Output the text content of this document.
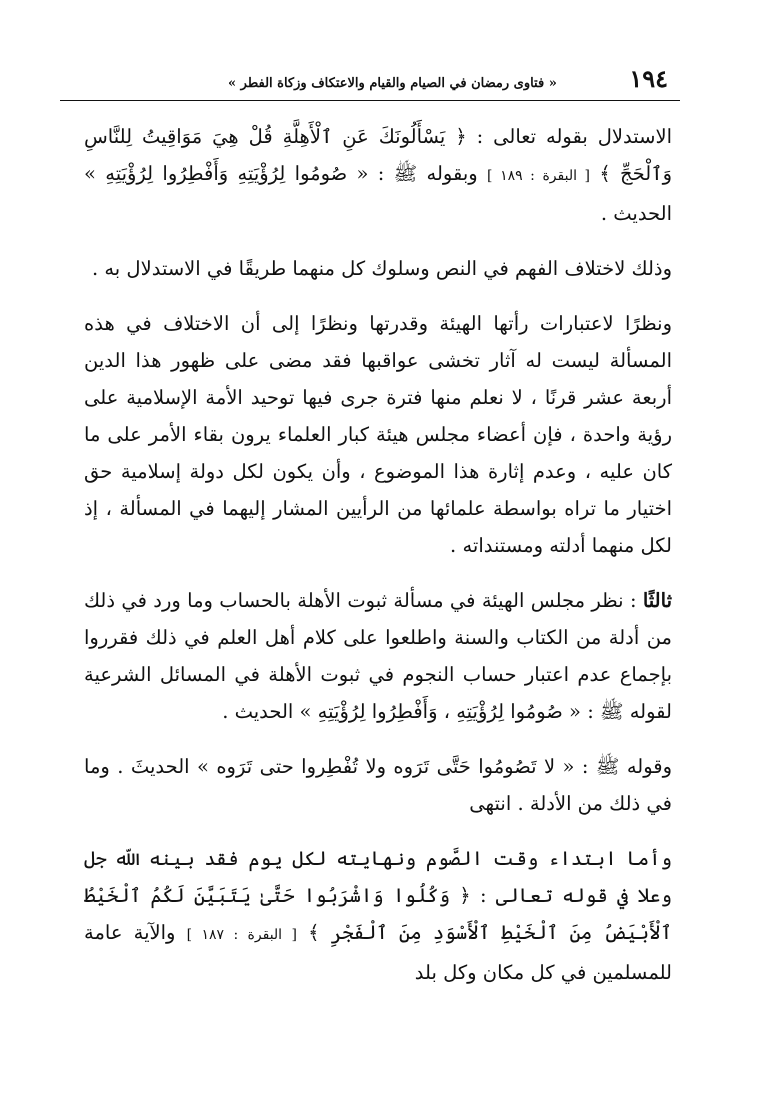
١٩٤
« فتاوى رمضان في الصيام والقيام والاعتكاف وزكاة الفطر »

الاستدلال بقوله تعالى : ﴿ يَسْأَلُونَكَ عَنِ ٱلْأَهِلَّةِ قُلْ هِيَ مَوَاقِيتُ لِلنَّاسِ وَٱلْحَجِّ ﴾ [ البقرة : ١٨٩ ] وبقوله ﷺ : « صُومُوا لِرُؤْيَتِهِ وَأَفْطِرُوا لِرُؤْيَتِهِ » الحديث .

وذلك لاختلاف الفهم في النص وسلوك كل منهما طريقًا في الاستدلال به .

ونظرًا لاعتبارات رأتها الهيئة وقدرتها ونظرًا إلى أن الاختلاف في هذه المسألة ليست له آثار تخشى عواقبها فقد مضى على ظهور هذا الدين أربعة عشر قرنًا ، لا نعلم منها فترة جرى فيها توحيد الأمة الإسلامية على رؤية واحدة ، فإن أعضاء مجلس هيئة كبار العلماء يرون بقاء الأمر على ما كان عليه ، وعدم إثارة هذا الموضوع ، وأن يكون لكل دولة إسلامية حق اختيار ما تراه بواسطة علمائها من الرأيين المشار إليهما في المسألة ، إذ لكل منهما أدلته ومستنداته .

ثالثًا : نظر مجلس الهيئة في مسألة ثبوت الأهلة بالحساب وما ورد في ذلك من أدلة من الكتاب والسنة واطلعوا على كلام أهل العلم في ذلك فقرروا بإجماع عدم اعتبار حساب النجوم في ثبوت الأهلة في المسائل الشرعية لقوله ﷺ : « صُومُوا لِرُؤْيَتِهِ ، وَأَفْطِرُوا لِرُؤْيَتِهِ » الحديث .

وقوله ﷺ : « لا تَصُومُوا حَتَّى تَرَوه ولا تُفْطِروا حتى تَرَوه » الحديثَ . وما في ذلك من الأدلة . انتهى

وأما ابتداء وقت الصَّوم ونهايته لكل يوم فقد بينه اللّه جل وعلا في قوله تعالى : ﴿ وَكُلُوا وَاشْرَبُوا حَتَّىٰ يَتَبَيَّنَ لَكُمُ ٱلْخَيْطُ ٱلْأَبْيَضُ مِنَ ٱلْخَيْطِ ٱلْأَسْوَدِ مِنَ ٱلْفَجْرِ ﴾ [ البقرة : ١٨٧ ] والآية عامة للمسلمين في كل مكان وكل بلد
